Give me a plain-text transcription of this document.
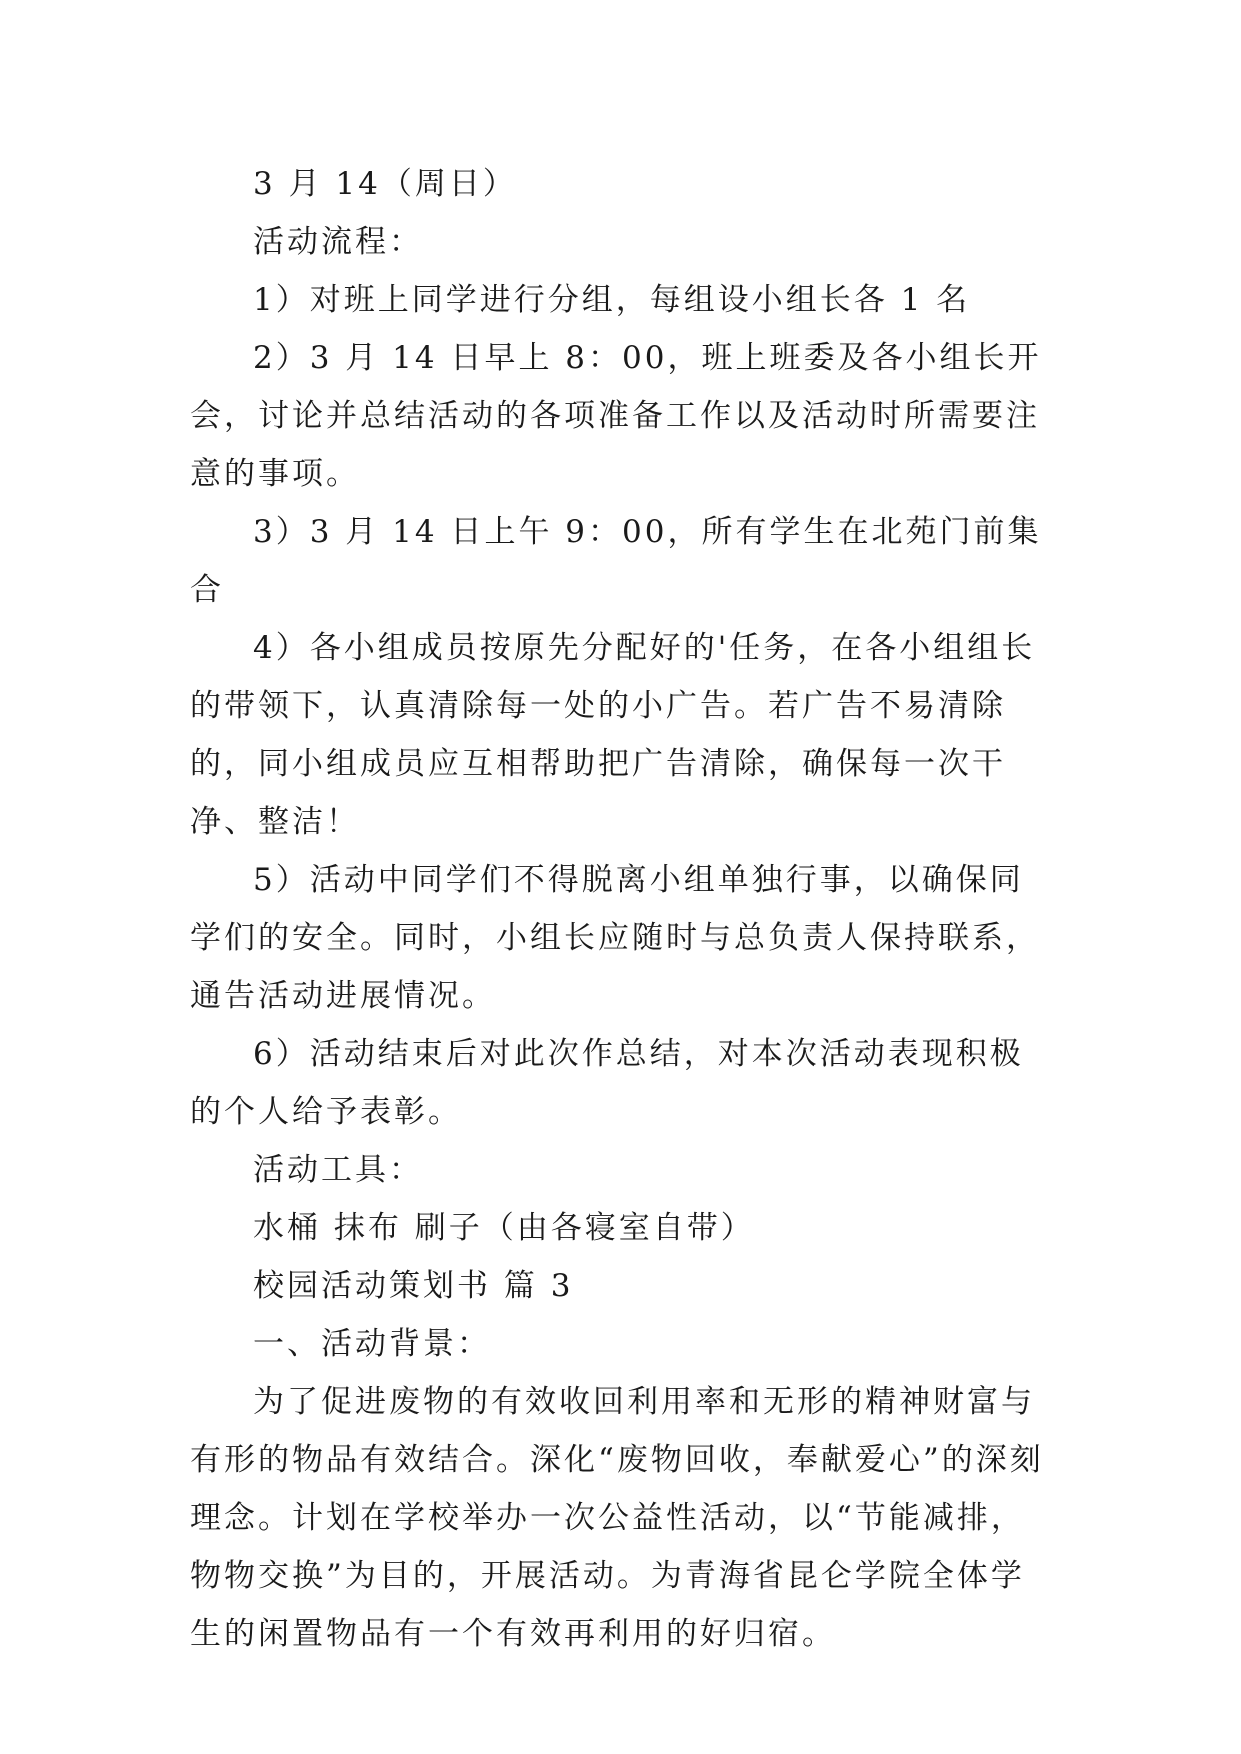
3 月 14（周日）

活动流程：

1）对班上同学进行分组，每组设小组长各 1 名

2）3 月 14 日早上 8：00，班上班委及各小组长开会，讨论并总结活动的各项准备工作以及活动时所需要注意的事项。

3）3 月 14 日上午 9：00，所有学生在北苑门前集合

4）各小组成员按原先分配好的'任务，在各小组组长的带领下，认真清除每一处的小广告。若广告不易清除的，同小组成员应互相帮助把广告清除，确保每一次干净、整洁！

5）活动中同学们不得脱离小组单独行事，以确保同学们的安全。同时，小组长应随时与总负责人保持联系，通告活动进展情况。

6）活动结束后对此次作总结，对本次活动表现积极的个人给予表彰。

活动工具：

水桶 抹布 刷子（由各寝室自带）

校园活动策划书 篇 3

一、活动背景：

为了促进废物的有效收回利用率和无形的精神财富与有形的物品有效结合。深化“废物回收，奉献爱心”的深刻理念。计划在学校举办一次公益性活动，以“节能减排，物物交换”为目的，开展活动。为青海省昆仑学院全体学生的闲置物品有一个有效再利用的好归宿。
